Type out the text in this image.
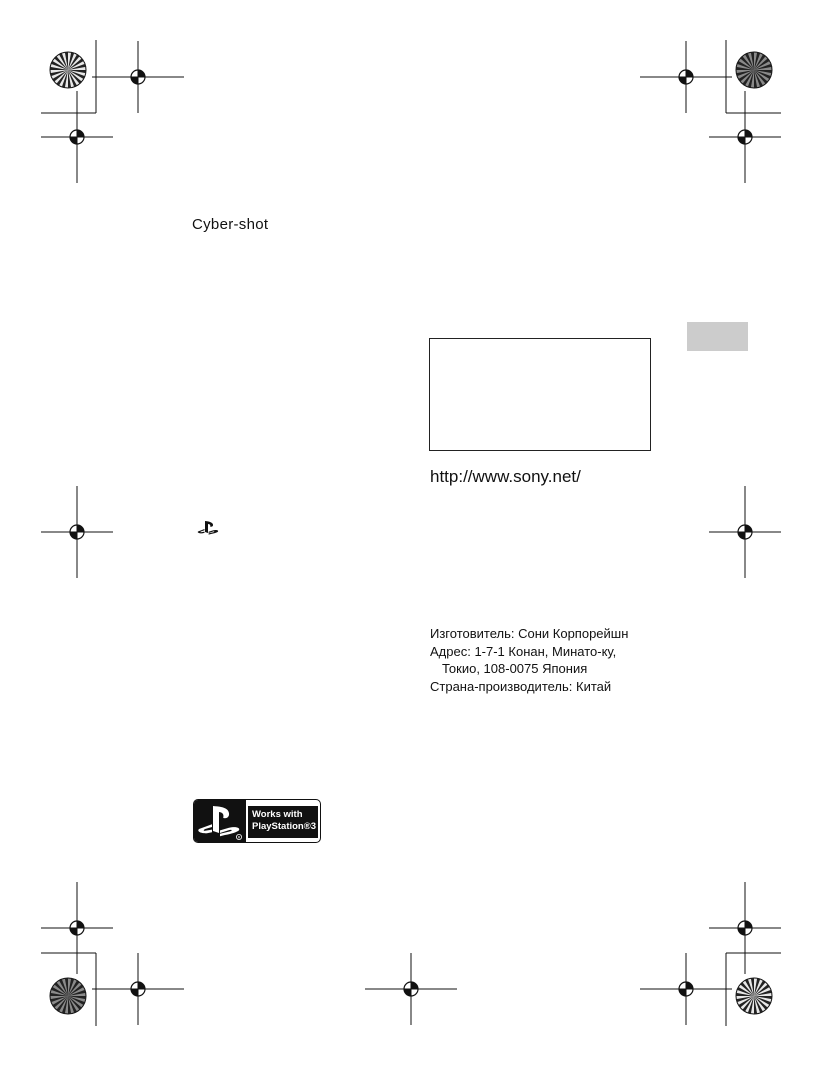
Cyber-shot
http://www.sony.net/
Изготовитель: Сони Корпорейшн
Адрес: 1-7-1 Конан, Минато-ку,
Токио, 108-0075 Япония
Страна-производитель: Китай
R
Works with
PlayStation®3
